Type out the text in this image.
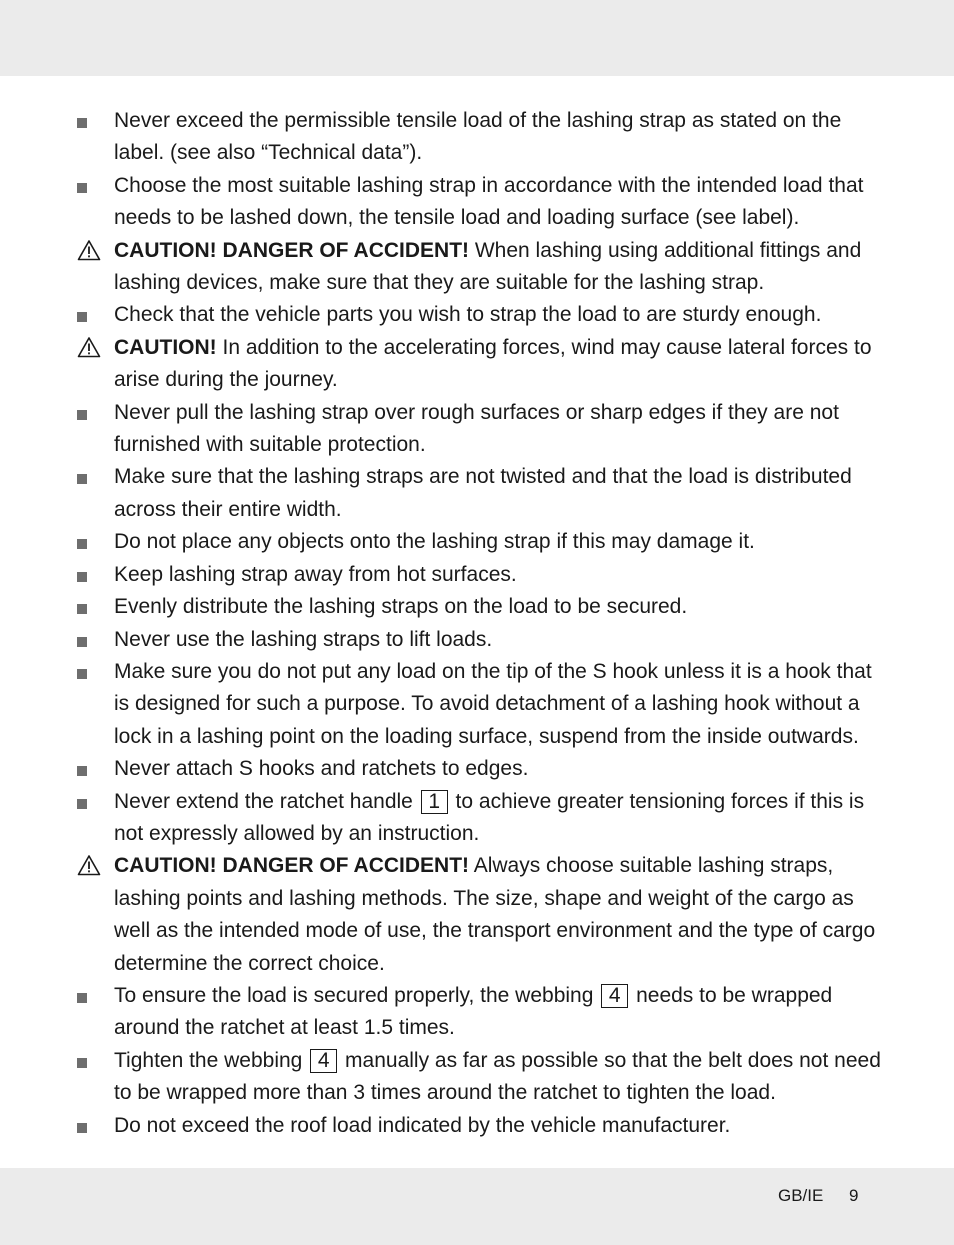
Never exceed the permissible tensile load of the lashing strap as stated on the label. (see also “Technical data”).
Choose the most suitable lashing strap in accordance with the intended load that needs to be lashed down, the tensile load and loading surface (see label).
CAUTION! DANGER OF ACCIDENT! When lashing using additional fittings and lashing devices, make sure that they are suitable for the lashing strap.
Check that the vehicle parts you wish to strap the load to are sturdy enough.
CAUTION! In addition to the accelerating forces, wind may cause lateral forces to arise during the journey.
Never pull the lashing strap over rough surfaces or sharp edges if they are not furnished with suitable protection.
Make sure that the lashing straps are not twisted and that the load is distributed across their entire width.
Do not place any objects onto the lashing strap if this may damage it.
Keep lashing strap away from hot surfaces.
Evenly distribute the lashing straps on the load to be secured.
Never use the lashing straps to lift loads.
Make sure you do not put any load on the tip of the S hook unless it is a hook that is designed for such a purpose. To avoid detachment of a lashing hook without a lock in a lashing point on the loading surface, suspend from the inside outwards.
Never attach S hooks and ratchets to edges.
Never extend the ratchet handle 1 to achieve greater tensioning forces if this is not expressly allowed by an instruction.
CAUTION! DANGER OF ACCIDENT! Always choose suitable lashing straps, lashing points and lashing methods. The size, shape and weight of the cargo as well as the intended mode of use, the transport environment and the type of cargo determine the correct choice.
To ensure the load is secured properly, the webbing 4 needs to be wrapped around the ratchet at least 1.5 times.
Tighten the webbing 4 manually as far as possible so that the belt does not need to be wrapped more than 3 times around the ratchet to tighten the load.
Do not exceed the roof load indicated by the vehicle manufacturer.
GB/IE 9
